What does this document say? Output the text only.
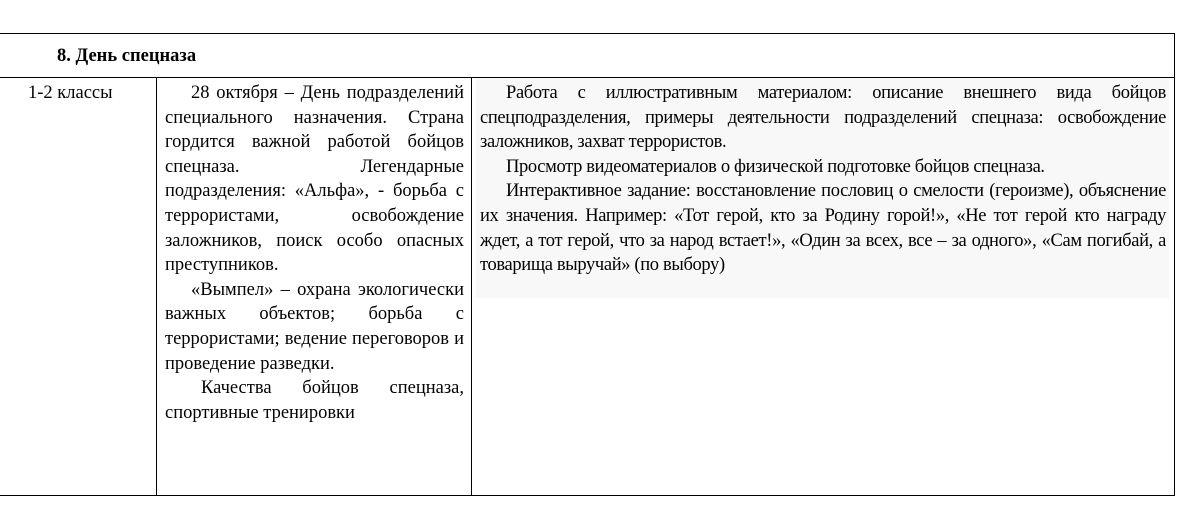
8. День спецназа
1-2 классы	28 октября – День подразделений специального назначения. Страна гордится важной работой бойцов спецназа. Легендарные подразделения: «Альфа», - борьба с террористами, освобождение заложников, поиск особо опасных преступников.

«Вымпел» – охрана экологически важных объектов; борьба с террористами; ведение переговоров и проведение разведки.

Качества бойцов спецназа, спортивные тренировки

Работа с иллюстративным материалом: описание внешнего вида бойцов спецподразделения, примеры деятельности подразделений спецназа: освобождение заложников, захват террористов.

Просмотр видеоматериалов о физической подготовке бойцов спецназа.

Интерактивное задание: восстановление пословиц о смелости (героизме), объяснение их значения. Например: «Тот герой, кто за Родину горой!», «Не тот герой кто награду ждет, а тот герой, что за народ встает!», «Один за всех, все – за одного», «Сам погибай, а товарища выручай» (по выбору)
